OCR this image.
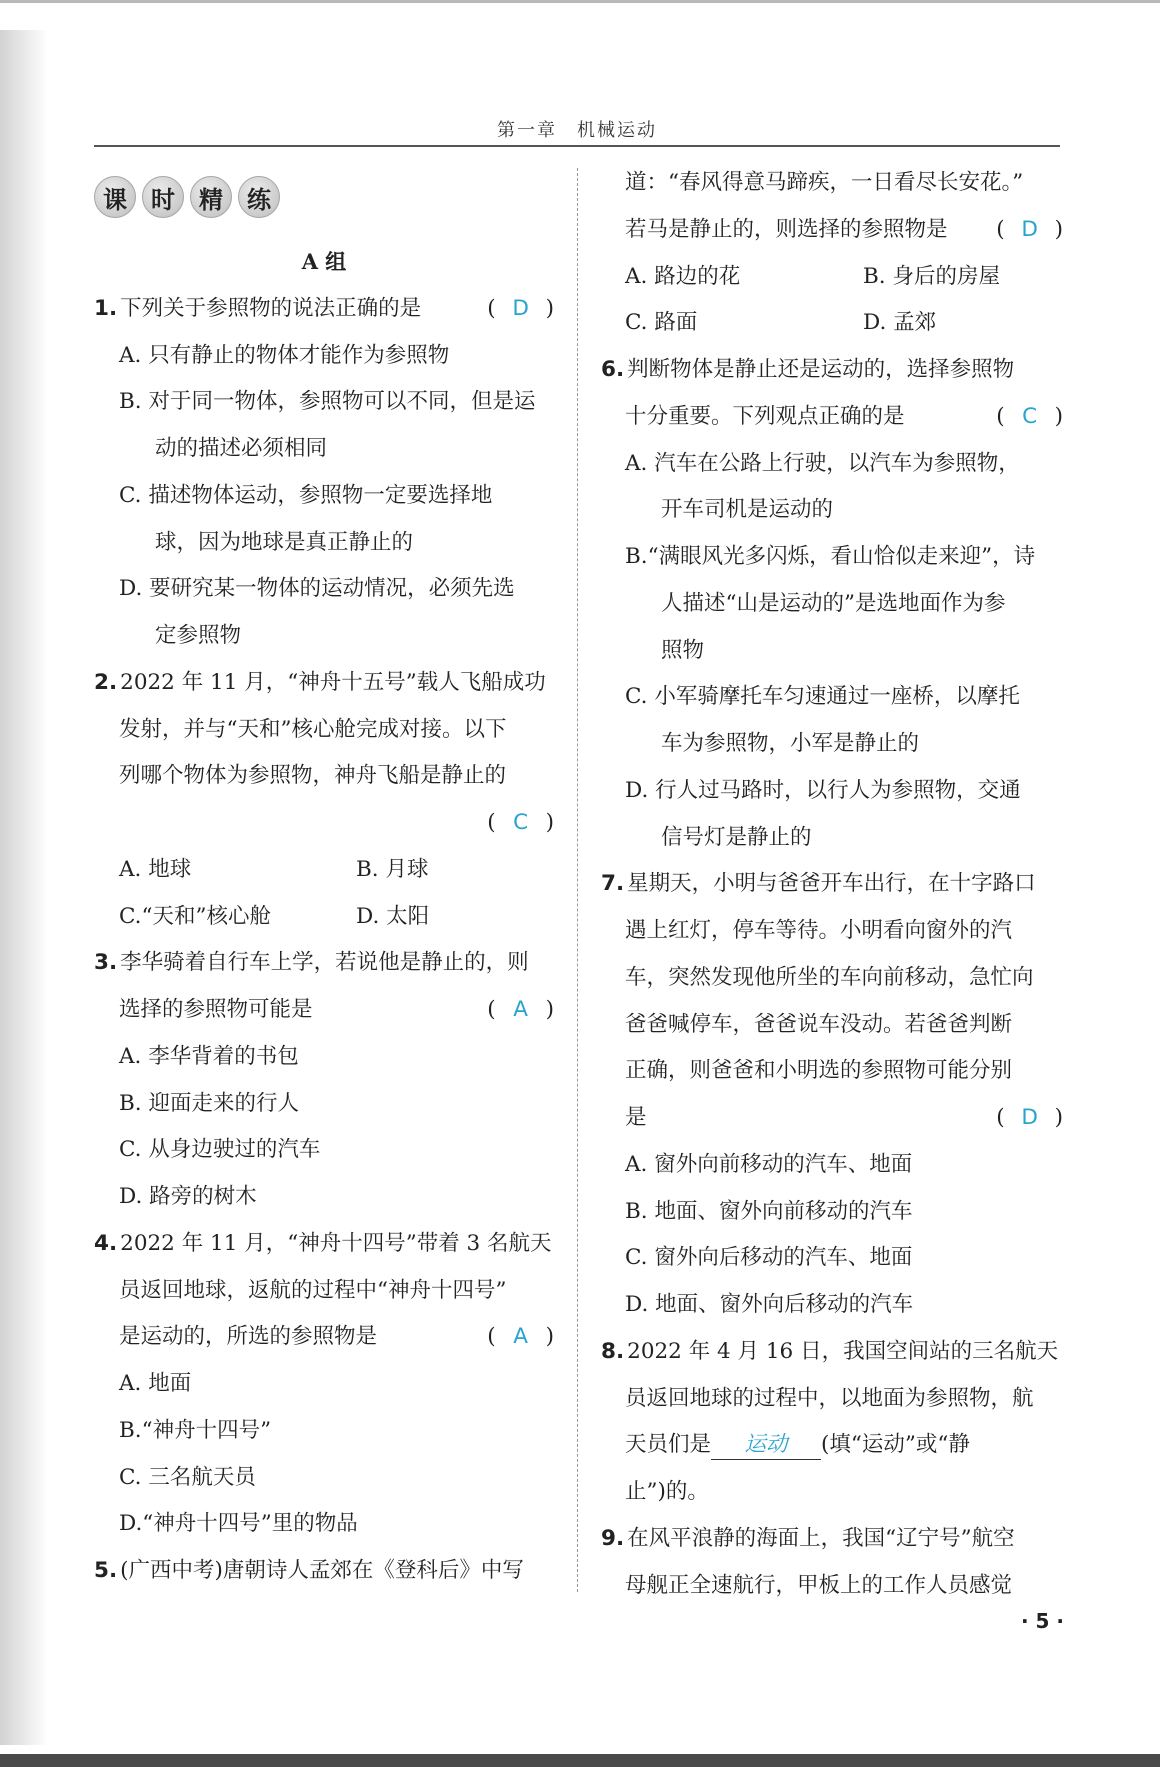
第一章　机械运动
课	时	精	练
A 组
1. 下列关于参照物的说法正确的是	( D )
A. 只有静止的物体才能作为参照物
B. 对于同一物体，参照物可以不同，但是运
动的描述必须相同
C. 描述物体运动，参照物一定要选择地
球，因为地球是真正静止的
D. 要研究某一物体的运动情况，必须先选
定参照物
2. 2022 年 11 月，“神舟十五号”载人飞船成功
发射，并与“天和”核心舱完成对接。以下
列哪个物体为参照物，神舟飞船是静止的
( C )
A. 地球	B. 月球
C.“天和”核心舱	D. 太阳
3. 李华骑着自行车上学，若说他是静止的，则
选择的参照物可能是	( A )
A. 李华背着的书包
B. 迎面走来的行人
C. 从身边驶过的汽车
D. 路旁的树木
4. 2022 年 11 月，“神舟十四号”带着 3 名航天
员返回地球，返航的过程中“神舟十四号”
是运动的，所选的参照物是	( A )
A. 地面
B.“神舟十四号”
C. 三名航天员
D.“神舟十四号”里的物品
5. (广西中考)唐朝诗人孟郊在《登科后》中写
道：“春风得意马蹄疾，一日看尽长安花。”
若马是静止的，则选择的参照物是 ( D )
A. 路边的花	B. 身后的房屋
C. 路面	D. 孟郊
6. 判断物体是静止还是运动的，选择参照物
十分重要。下列观点正确的是	( C )
A. 汽车在公路上行驶，以汽车为参照物，
开车司机是运动的
B.“满眼风光多闪烁，看山恰似走来迎”，诗
人描述“山是运动的”是选地面作为参
照物
C. 小军骑摩托车匀速通过一座桥，以摩托
车为参照物，小军是静止的
D. 行人过马路时，以行人为参照物，交通
信号灯是静止的
7. 星期天，小明与爸爸开车出行，在十字路口
遇上红灯，停车等待。小明看向窗外的汽
车，突然发现他所坐的车向前移动，急忙向
爸爸喊停车，爸爸说车没动。若爸爸判断
正确，则爸爸和小明选的参照物可能分别
是	( D )
A. 窗外向前移动的汽车、地面
B. 地面、窗外向前移动的汽车
C. 窗外向后移动的汽车、地面
D. 地面、窗外向后移动的汽车
8. 2022 年 4 月 16 日，我国空间站的三名航天
员返回地球的过程中，以地面为参照物，航
天员们是 运动 (填“运动”或“静
止”)的。
9. 在风平浪静的海面上，我国“辽宁号”航空
母舰正全速航行，甲板上的工作人员感觉
· 5 ·
